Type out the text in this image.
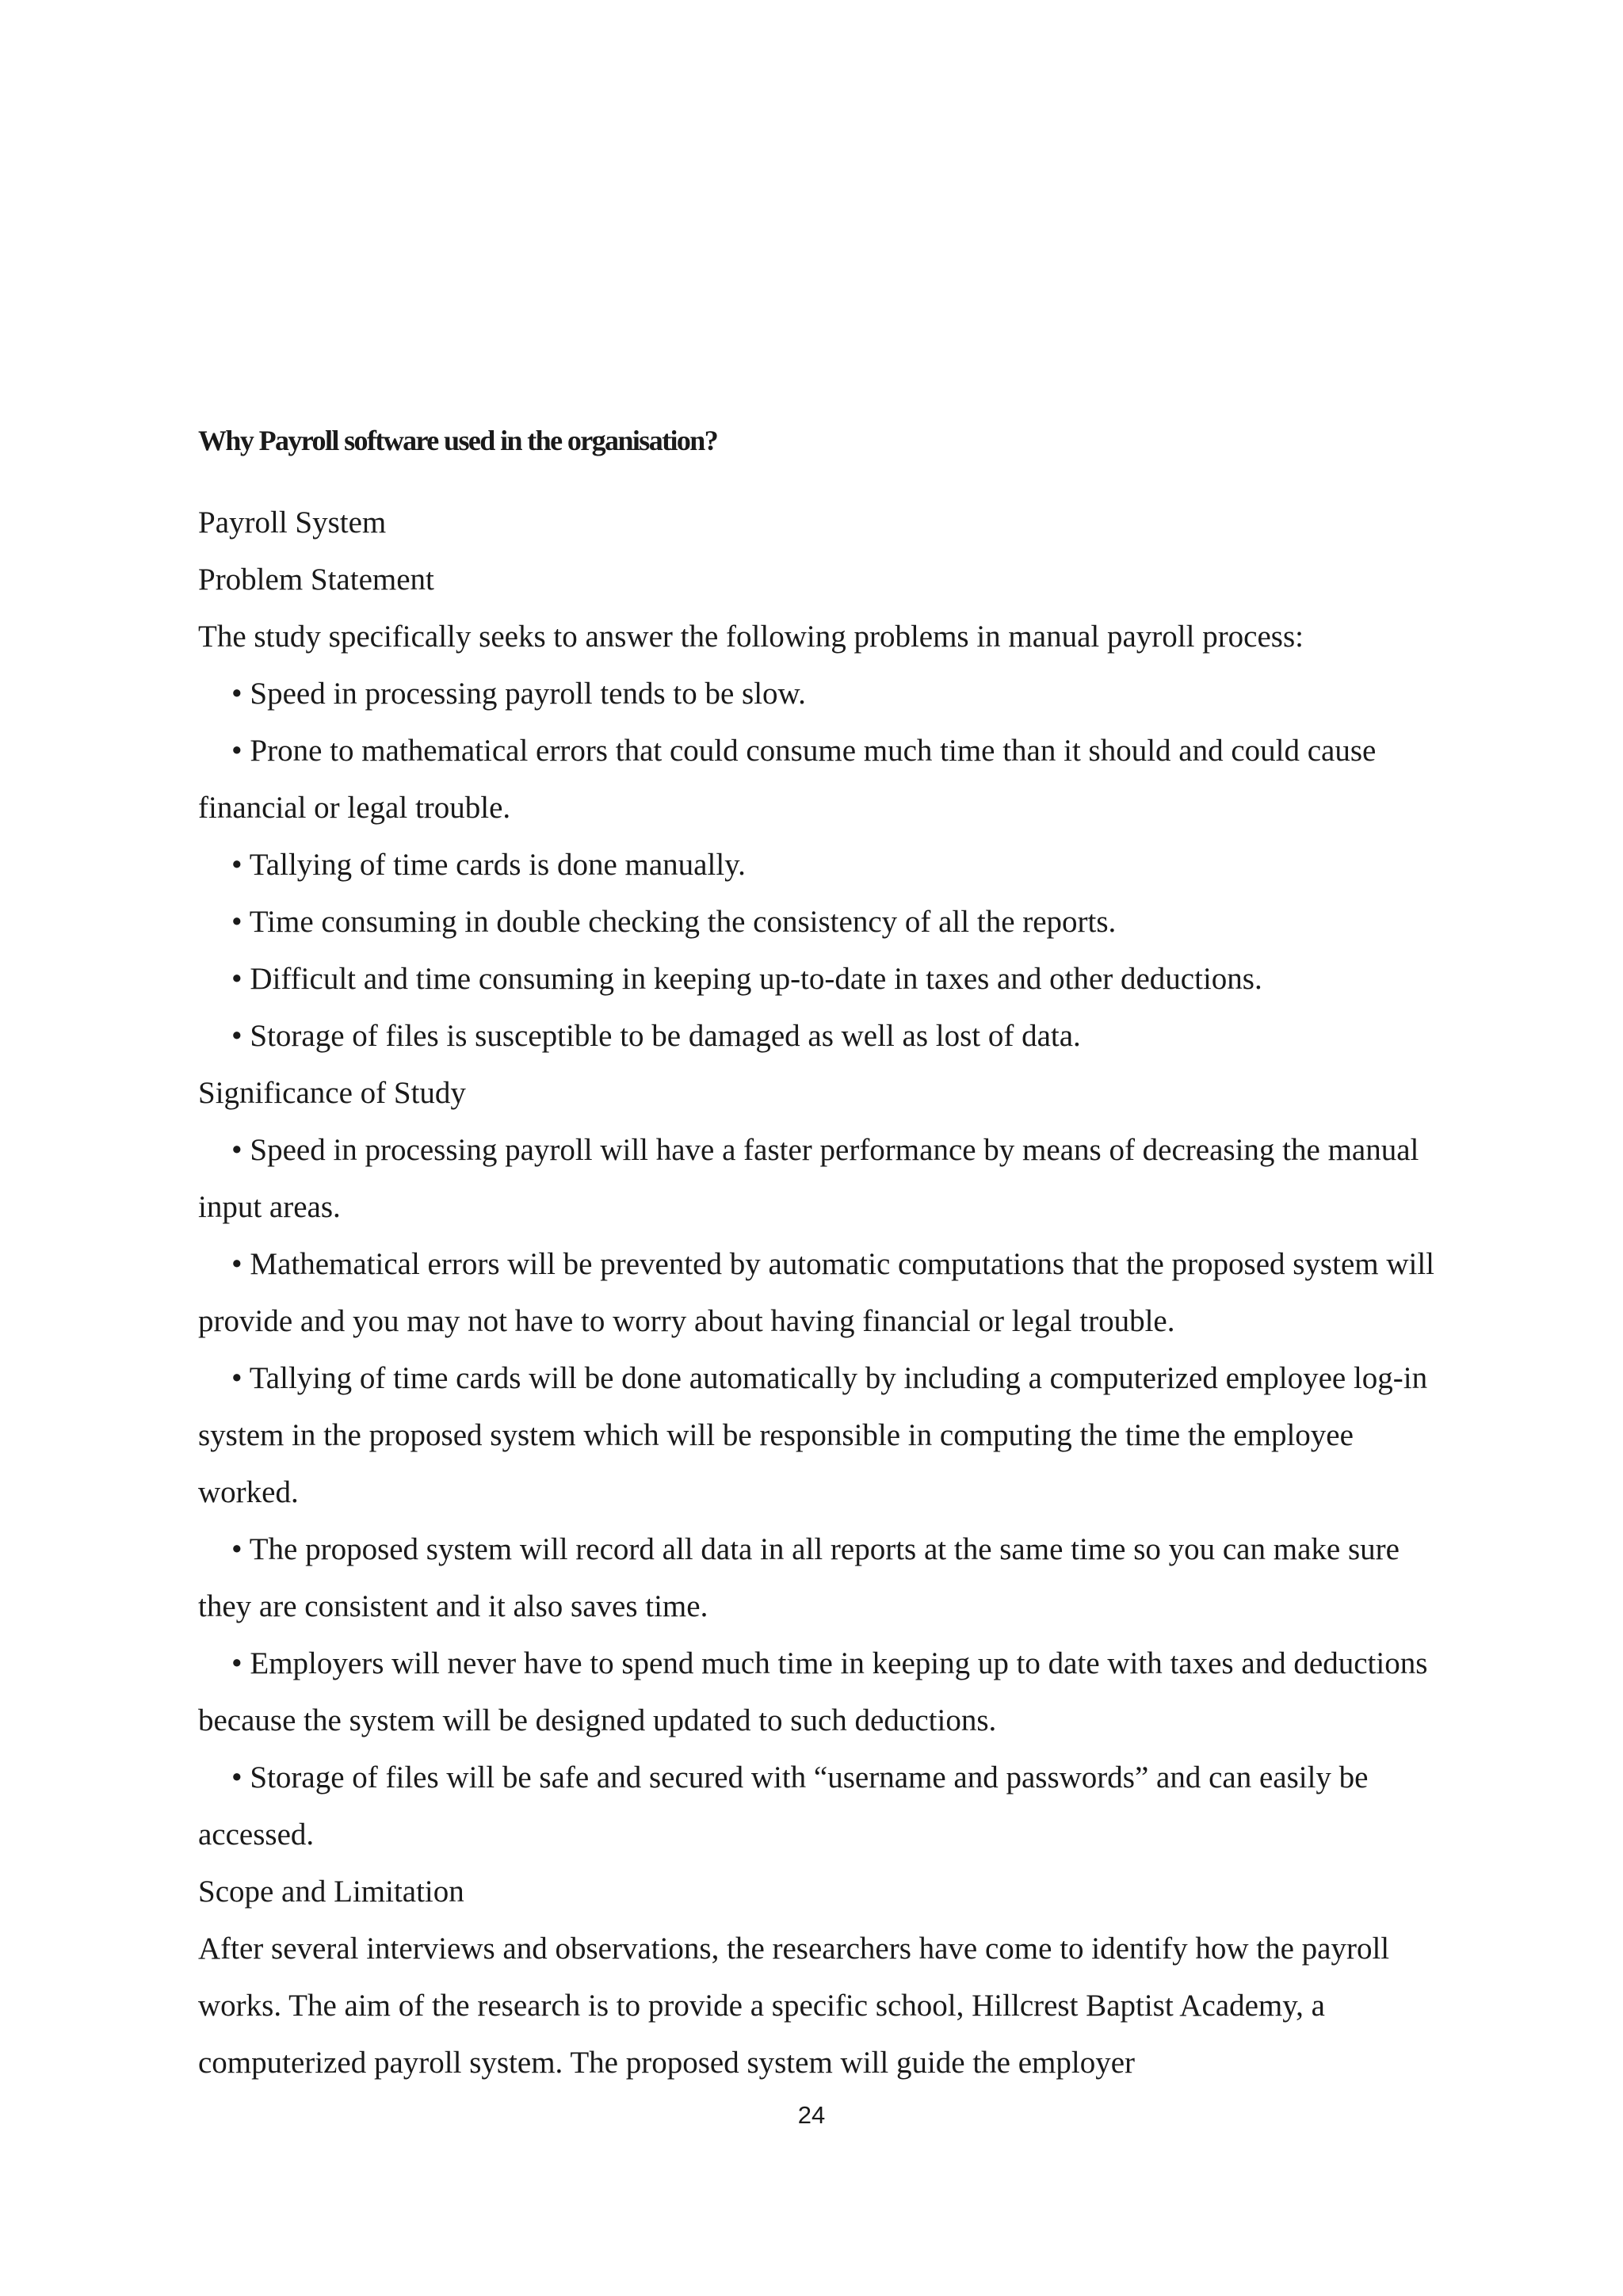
Why Payroll software used in the organisation?

Payroll System

Problem Statement

The study specifically seeks to answer the following problems in manual payroll process:

• Speed in processing payroll tends to be slow.

• Prone to mathematical errors that could consume much time than it should and could cause financial or legal trouble.

• Tallying of time cards is done manually.

• Time consuming in double checking the consistency of all the reports.

• Difficult and time consuming in keeping up-to-date in taxes and other deductions.

• Storage of files is susceptible to be damaged as well as lost of data.

Significance of Study

• Speed in processing payroll will have a faster performance by means of decreasing the manual input areas.

• Mathematical errors will be prevented by automatic computations that the proposed system will provide and you may not have to worry about having financial or legal trouble.

• Tallying of time cards will be done automatically by including a computerized employee log-in system in the proposed system which will be responsible in computing the time the employee worked.

• The proposed system will record all data in all reports at the same time so you can make sure they are consistent and it also saves time.

• Employers will never have to spend much time in keeping up to date with taxes and deductions because the system will be designed updated to such deductions.

• Storage of files will be safe and secured with “username and passwords” and can easily be accessed.

Scope and Limitation

After several interviews and observations, the researchers have come to identify how the payroll works. The aim of the research is to provide a specific school, Hillcrest Baptist Academy, a computerized payroll system. The proposed system will guide the employer

24
